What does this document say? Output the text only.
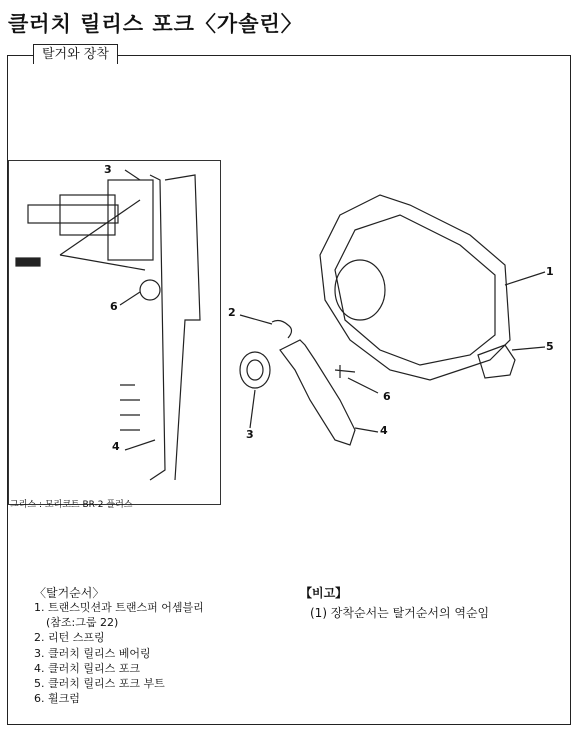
클러치 릴리스 포크〈가솔린〉
탈거와 장착
3
6
4
1
2
3	4
5
6
그리스 : 모리코트 BR-2 플러스
〈탈거순서〉
1. 트랜스밋션과 트랜스퍼 어셈블리
(참조:그룹 22)
2. 리턴 스프링
3. 클러치 릴리스 베어링
4. 클러치 릴리스 포크
5. 클러치 릴리스 포크 부트
6. 휠크럼
【비고】
(1) 장착순서는 탈거순서의 역순임
